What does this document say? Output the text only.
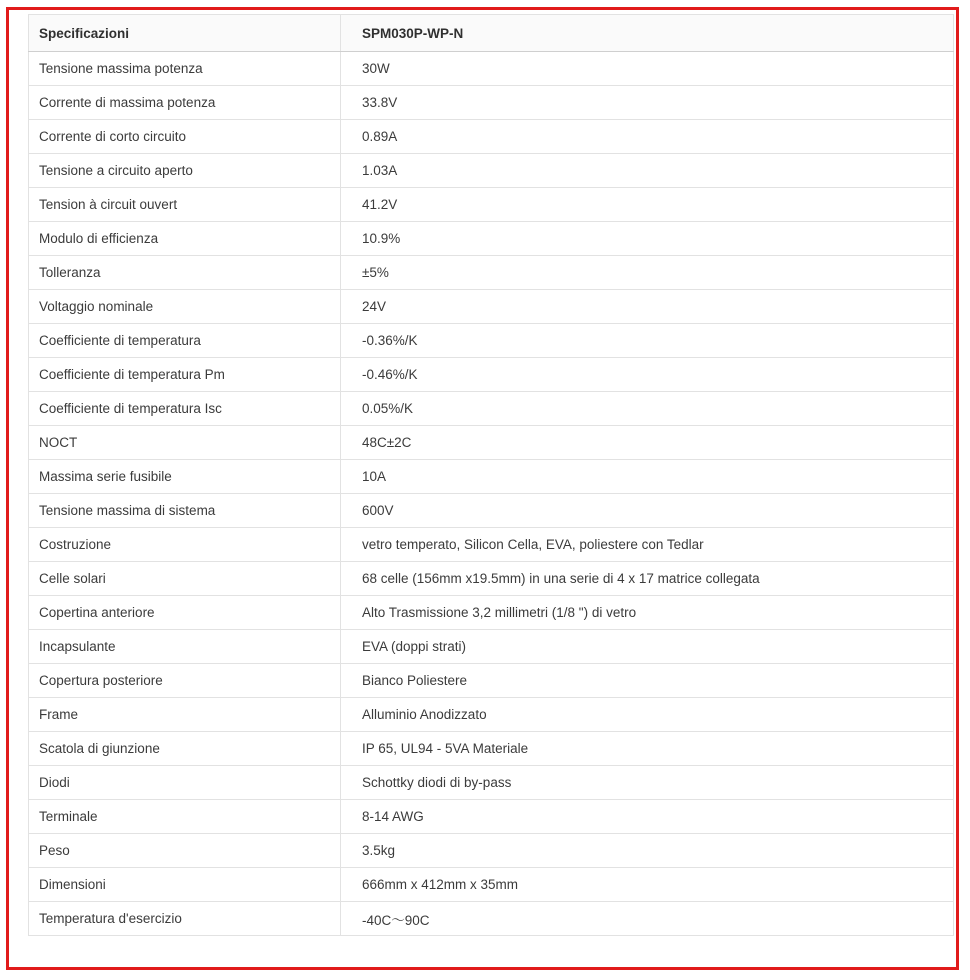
Specificazioni	SPM030P-WP-N
Tensione massima potenza	30W
Corrente di massima potenza	33.8V
Corrente di corto circuito	0.89A
Tensione a circuito aperto	1.03A
Tension à circuit ouvert	41.2V
Modulo di efficienza	10.9%
Tolleranza	±5%
Voltaggio nominale	24V
Coefficiente di temperatura	-0.36%/K
Coefficiente di temperatura Pm	-0.46%/K
Coefficiente di temperatura Isc	0.05%/K
NOCT	48C±2C
Massima serie fusibile	10A
Tensione massima di sistema	600V
Costruzione	vetro temperato, Silicon Cella, EVA, poliestere con Tedlar
Celle solari	68 celle (156mm x19.5mm) in una serie di 4 x 17 matrice collegata
Copertina anteriore	Alto Trasmissione 3,2 millimetri (1/8 ") di vetro
Incapsulante	EVA (doppi strati)
Copertura posteriore	Bianco Poliestere
Frame	Alluminio Anodizzato
Scatola di giunzione	IP 65, UL94 - 5VA Materiale
Diodi	Schottky diodi di by-pass
Terminale	8-14 AWG
Peso	3.5kg
Dimensioni	666mm x 412mm x 35mm
Temperatura d'esercizio	-40C～90C
